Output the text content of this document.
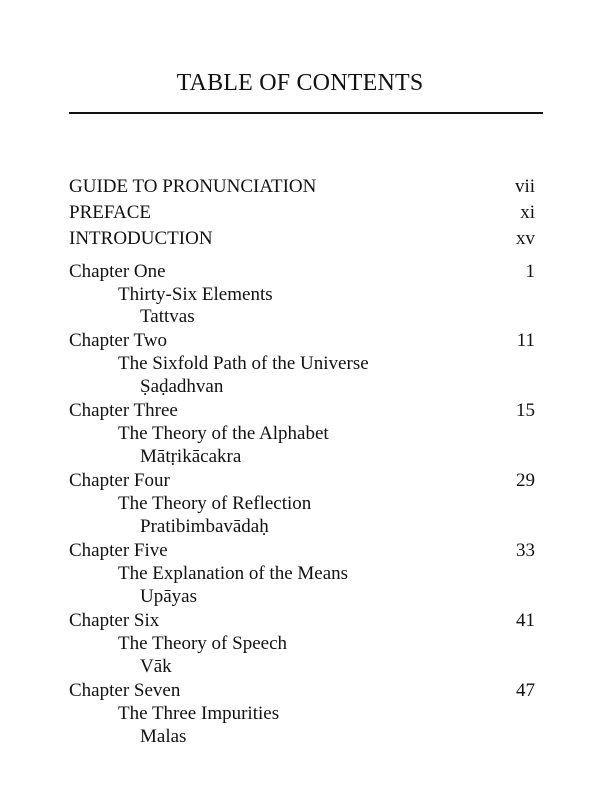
TABLE OF CONTENTS
GUIDE TO PRONUNCIATION	vii
PREFACE	xi
INTRODUCTION	xv
Chapter One	1
Thirty-Six Elements
Tattvas
Chapter Two	11
The Sixfold Path of the Universe
Ṣaḍadhvan
Chapter Three	15
The Theory of the Alphabet
Mātṛikācakra
Chapter Four	29
The Theory of Reflection
Pratibimbavādaḥ
Chapter Five	33
The Explanation of the Means
Upāyas
Chapter Six	41
The Theory of Speech
Vāk
Chapter Seven	47
The Three Impurities
Malas
